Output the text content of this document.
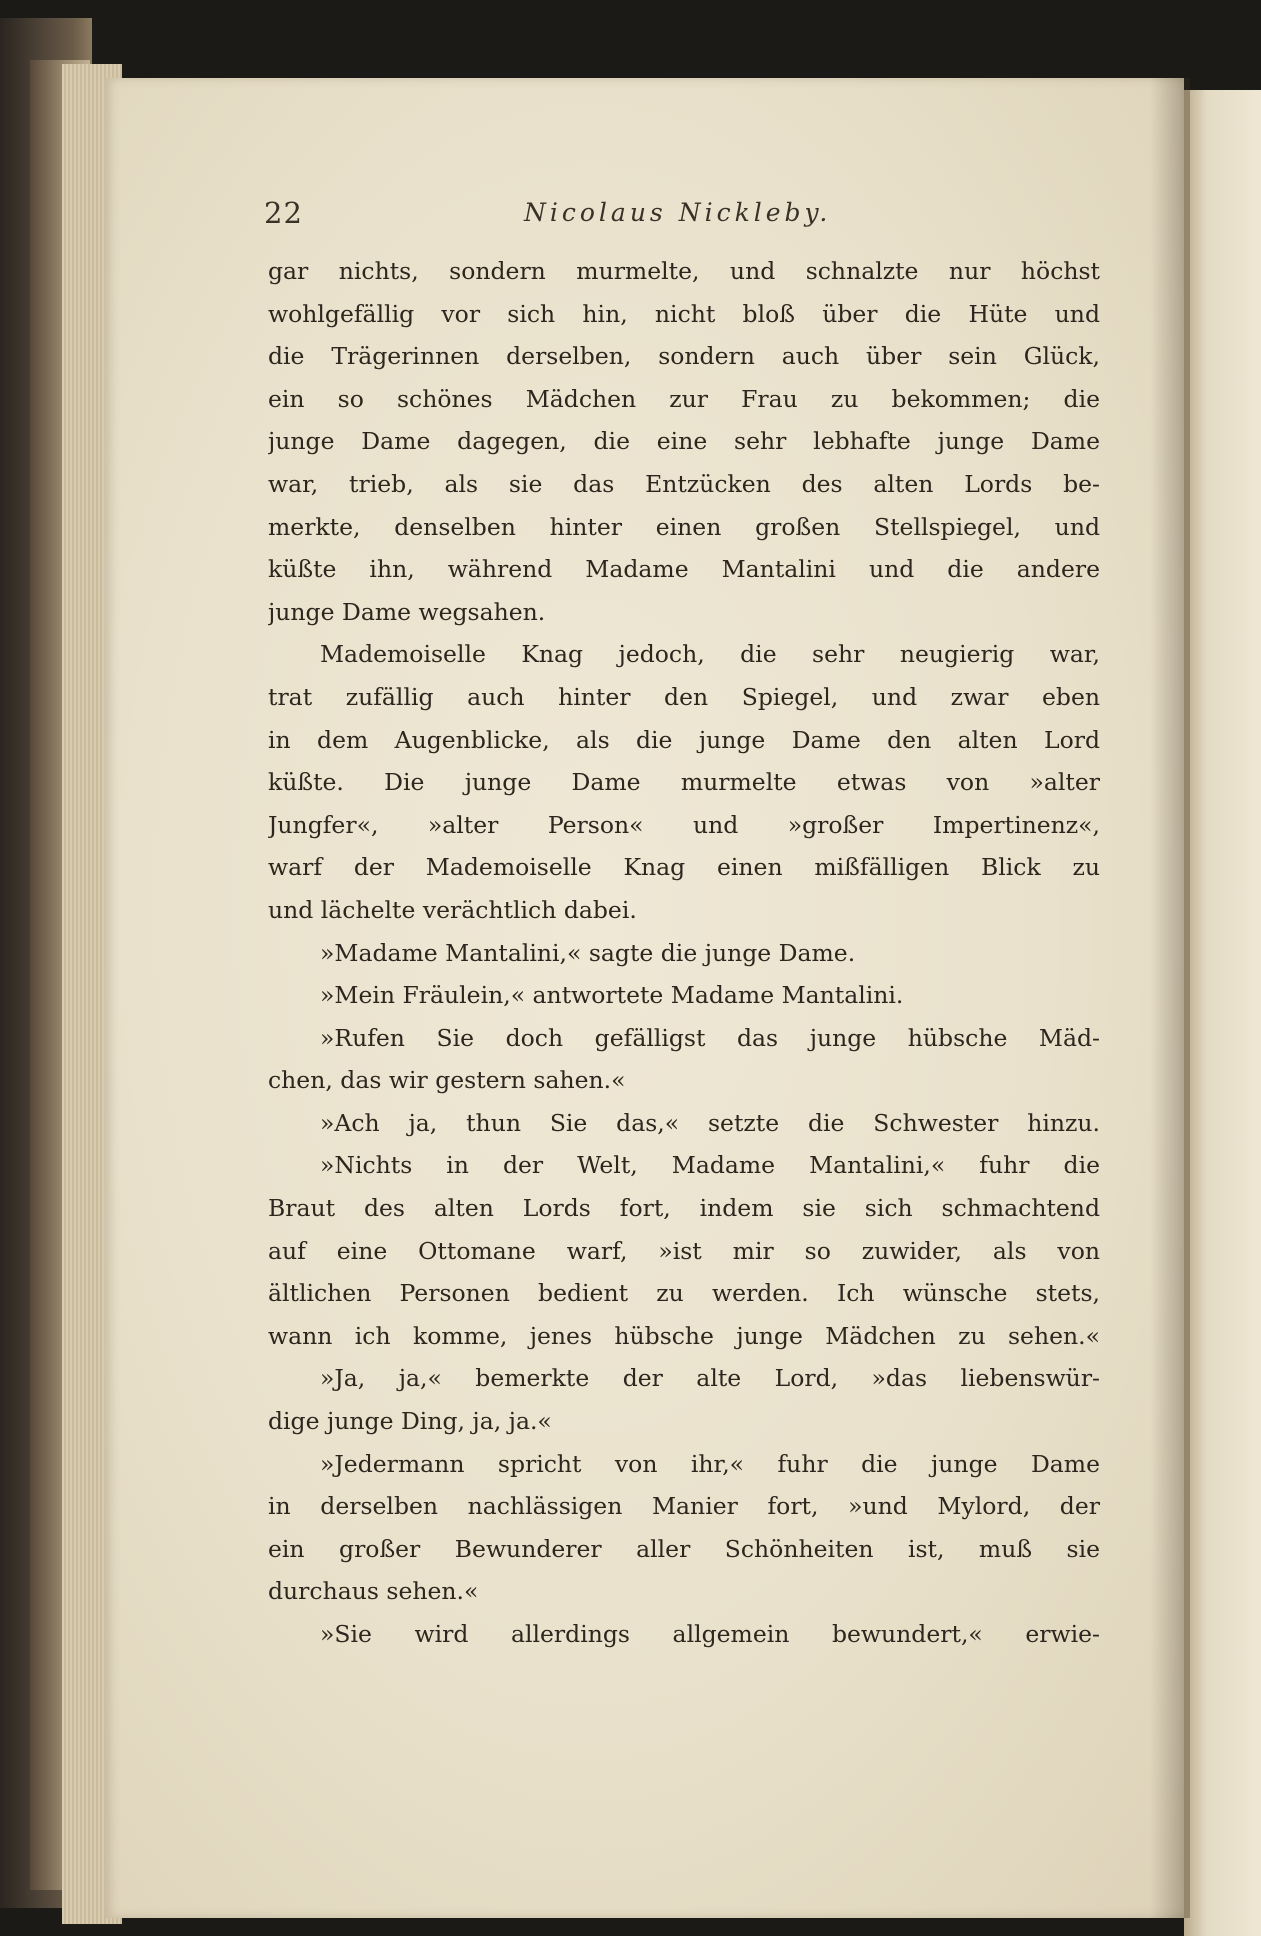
22	Nicolaus Nickleby.
gar nichts, sondern murmelte, und schnalzte nur höchst
wohlgefällig vor sich hin, nicht bloß über die Hüte und
die Trägerinnen derselben, sondern auch über sein Glück,
ein so schönes Mädchen zur Frau zu bekommen; die
junge Dame dagegen, die eine sehr lebhafte junge Dame
war, trieb, als sie das Entzücken des alten Lords be-
merkte, denselben hinter einen großen Stellspiegel, und
küßte ihn, während Madame Mantalini und die andere
junge Dame wegsahen.
Mademoiselle Knag jedoch, die sehr neugierig war,
trat zufällig auch hinter den Spiegel, und zwar eben
in dem Augenblicke, als die junge Dame den alten Lord
küßte. Die junge Dame murmelte etwas von »alter
Jungfer«, »alter Person« und »großer Impertinenz«,
warf der Mademoiselle Knag einen mißfälligen Blick zu
und lächelte verächtlich dabei.
»Madame Mantalini,« sagte die junge Dame.
»Mein Fräulein,« antwortete Madame Mantalini.
»Rufen Sie doch gefälligst das junge hübsche Mäd-
chen, das wir gestern sahen.«
»Ach ja, thun Sie das,« setzte die Schwester hinzu.
»Nichts in der Welt, Madame Mantalini,« fuhr die
Braut des alten Lords fort, indem sie sich schmachtend
auf eine Ottomane warf, »ist mir so zuwider, als von
ältlichen Personen bedient zu werden. Ich wünsche stets,
wann ich komme, jenes hübsche junge Mädchen zu sehen.«
»Ja, ja,« bemerkte der alte Lord, »das liebenswür-
dige junge Ding, ja, ja.«
»Jedermann spricht von ihr,« fuhr die junge Dame
in derselben nachlässigen Manier fort, »und Mylord, der
ein großer Bewunderer aller Schönheiten ist, muß sie
durchaus sehen.«
»Sie wird allerdings allgemein bewundert,« erwie-
